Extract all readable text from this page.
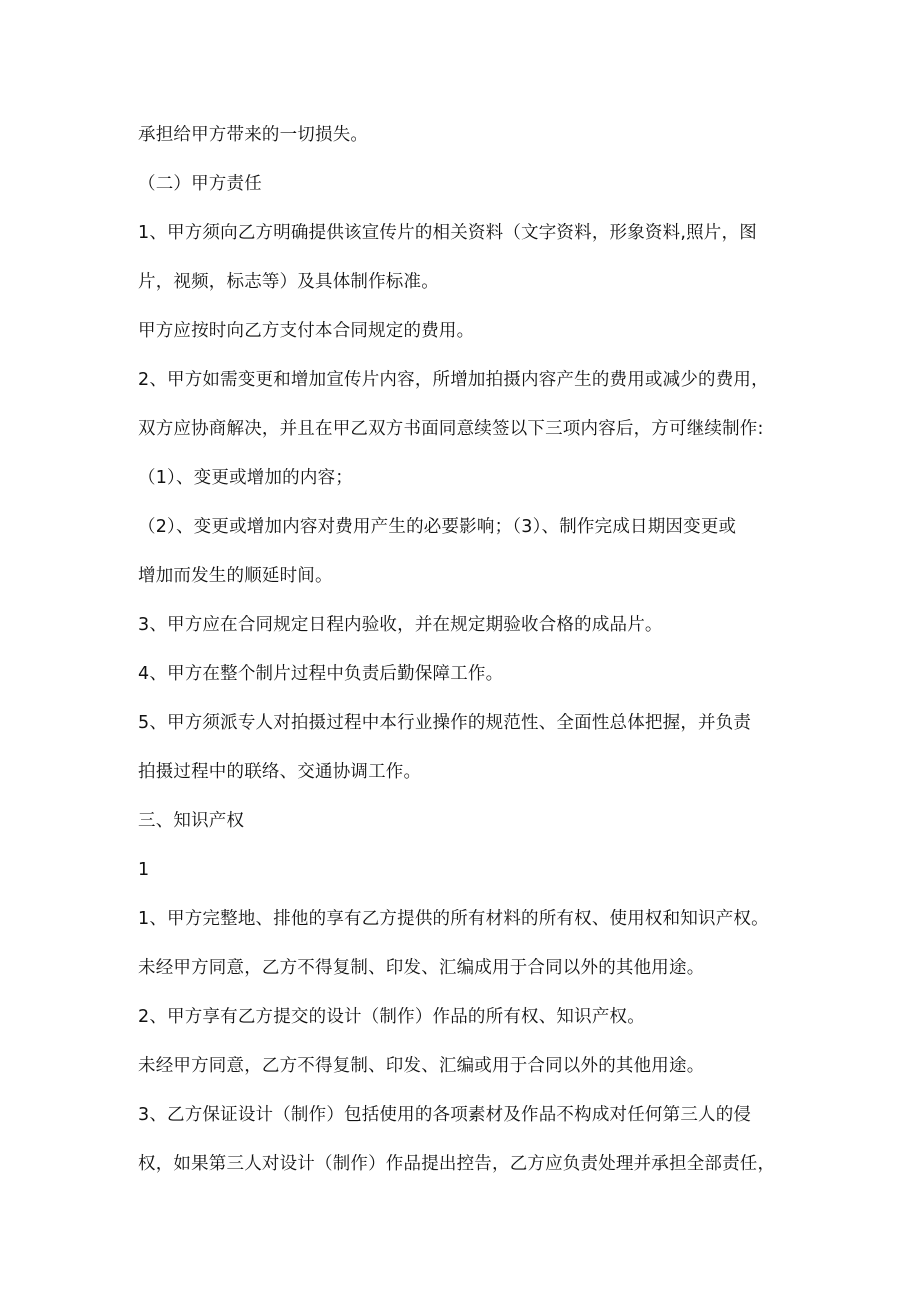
承担给甲方带来的一切损失。
（二）甲方责任
1、甲方须向乙方明确提供该宣传片的相关资料（文字资料，形象资料,照片，图
片，视频，标志等）及具体制作标准。
甲方应按时向乙方支付本合同规定的费用。
2、甲方如需变更和增加宣传片内容，所增加拍摄内容产生的费用或减少的费用，
双方应协商解决，并且在甲乙双方书面同意续签以下三项内容后，方可继续制作:
（1）、变更或增加的内容；
（2）、变更或增加内容对费用产生的必要影响；（3）、制作完成日期因变更或
增加而发生的顺延时间。
3、甲方应在合同规定日程内验收，并在规定期验收合格的成品片。
4、甲方在整个制片过程中负责后勤保障工作。
5、甲方须派专人对拍摄过程中本行业操作的规范性、全面性总体把握，并负责
拍摄过程中的联络、交通协调工作。
三、知识产权
1
1、甲方完整地、排他的享有乙方提供的所有材料的所有权、使用权和知识产权。
未经甲方同意，乙方不得复制、印发、汇编成用于合同以外的其他用途。
2、甲方享有乙方提交的设计（制作）作品的所有权、知识产权。
未经甲方同意，乙方不得复制、印发、汇编或用于合同以外的其他用途。
3、乙方保证设计（制作）包括使用的各项素材及作品不构成对任何第三人的侵
权，如果第三人对设计（制作）作品提出控告，乙方应负责处理并承担全部责任，
